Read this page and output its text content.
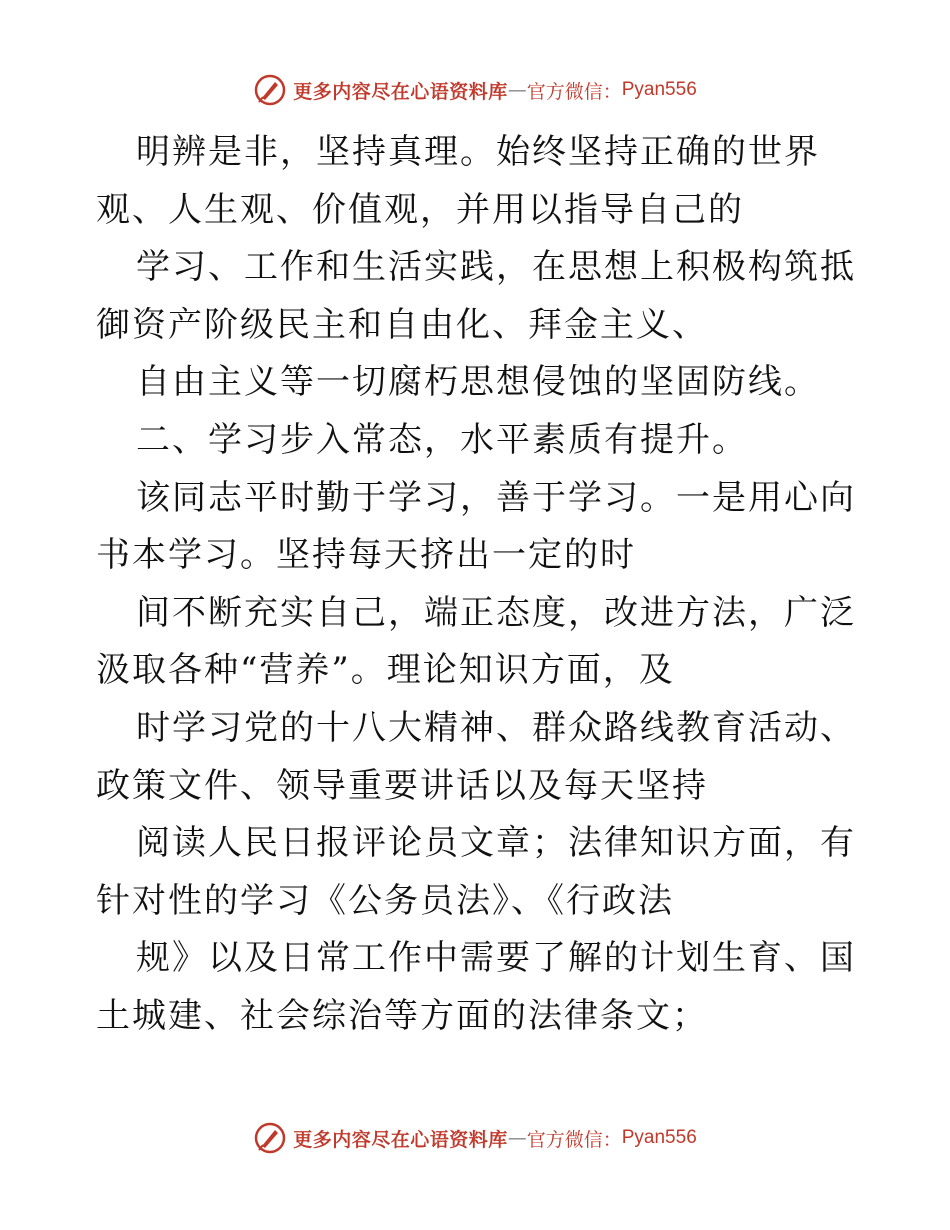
更多内容尽在心语资料库 — 官方微信： Pyan556

明辨是非，坚持真理。始终坚持正确的世界观、人生观、价值观，并用以指导自己的

学习、工作和生活实践，在思想上积极构筑抵御资产阶级民主和自由化、拜金主义、

自由主义等一切腐朽思想侵蚀的坚固防线。

二、学习步入常态，水平素质有提升。

该同志平时勤于学习，善于学习。一是用心向书本学习。坚持每天挤出一定的时

间不断充实自己，端正态度，改进方法，广泛汲取各种“营养”。理论知识方面，及

时学习党的十八大精神、群众路线教育活动、政策文件、领导重要讲话以及每天坚持

阅读人民日报评论员文章；法律知识方面，有针对性的学习《公务员法》、《行政法

规》以及日常工作中需要了解的计划生育、国土城建、社会综治等方面的法律条文；

更多内容尽在心语资料库 — 官方微信： Pyan556
